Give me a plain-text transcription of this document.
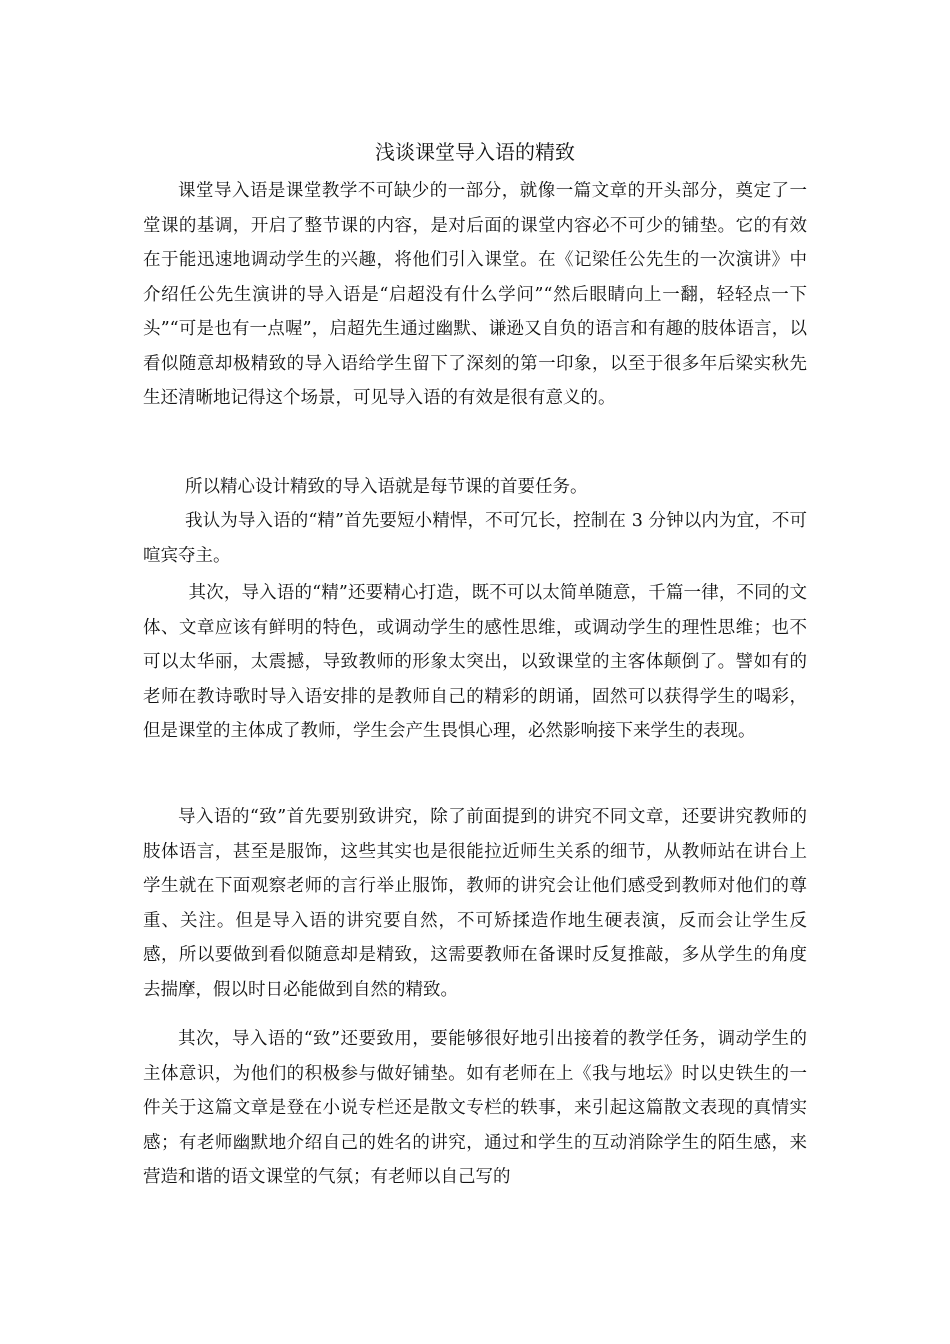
浅谈课堂导入语的精致

课堂导入语是课堂教学不可缺少的一部分，就像一篇文章的开头部分，奠定了一堂课的基调，开启了整节课的内容，是对后面的课堂内容必不可少的铺垫。它的有效在于能迅速地调动学生的兴趣，将他们引入课堂。在《记梁任公先生的一次演讲》中介绍任公先生演讲的导入语是“启超没有什么学问”“然后眼睛向上一翻，轻轻点一下头”“可是也有一点喔”，启超先生通过幽默、谦逊又自负的语言和有趣的肢体语言，以看似随意却极精致的导入语给学生留下了深刻的第一印象，以至于很多年后梁实秋先生还清晰地记得这个场景，可见导入语的有效是很有意义的。

所以精心设计精致的导入语就是每节课的首要任务。

我认为导入语的“精”首先要短小精悍，不可冗长，控制在 3 分钟以内为宜，不可喧宾夺主。

其次，导入语的“精”还要精心打造，既不可以太简单随意，千篇一律，不同的文体、文章应该有鲜明的特色，或调动学生的感性思维，或调动学生的理性思维；也不可以太华丽，太震撼，导致教师的形象太突出，以致课堂的主客体颠倒了。譬如有的老师在教诗歌时导入语安排的是教师自己的精彩的朗诵，固然可以获得学生的喝彩，但是课堂的主体成了教师，学生会产生畏惧心理，必然影响接下来学生的表现。

导入语的“致”首先要别致讲究，除了前面提到的讲究不同文章，还要讲究教师的肢体语言，甚至是服饰，这些其实也是很能拉近师生关系的细节，从教师站在讲台上学生就在下面观察老师的言行举止服饰，教师的讲究会让他们感受到教师对他们的尊重、关注。但是导入语的讲究要自然，不可矫揉造作地生硬表演，反而会让学生反感，所以要做到看似随意却是精致，这需要教师在备课时反复推敲，多从学生的角度去揣摩，假以时日必能做到自然的精致。

其次，导入语的“致”还要致用，要能够很好地引出接着的教学任务，调动学生的主体意识，为他们的积极参与做好铺垫。如有老师在上《我与地坛》时以史铁生的一件关于这篇文章是登在小说专栏还是散文专栏的轶事，来引起这篇散文表现的真情实感；有老师幽默地介绍自己的姓名的讲究，通过和学生的互动消除学生的陌生感，来营造和谐的语文课堂的气氛；有老师以自己写的
